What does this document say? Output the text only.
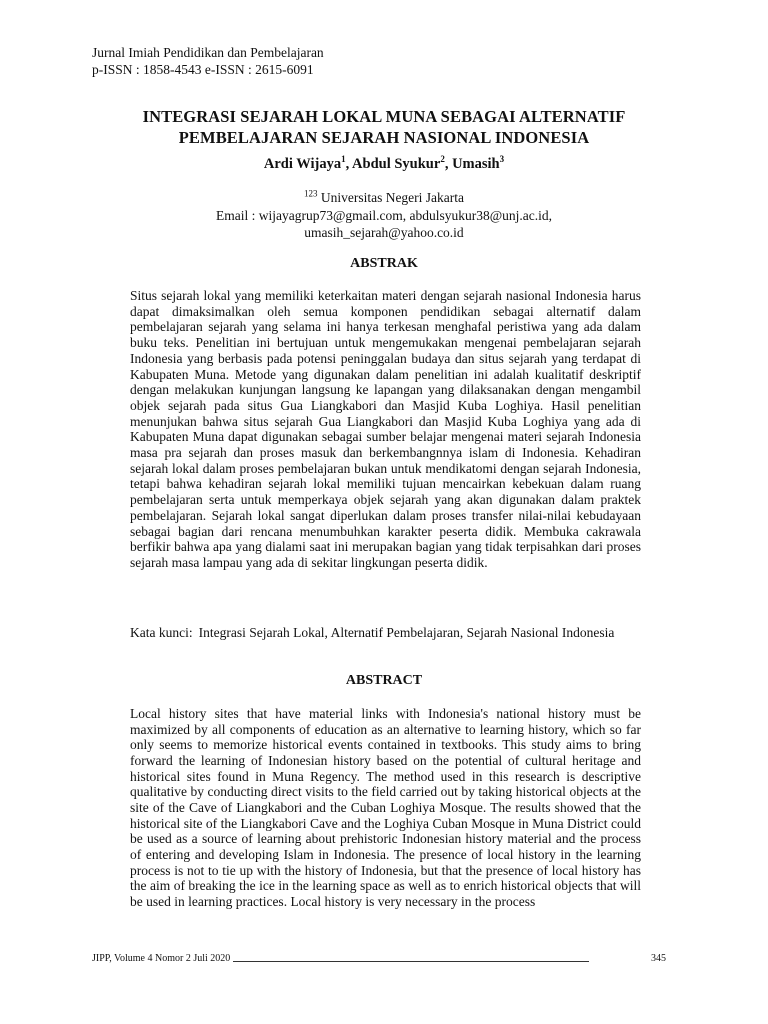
Jurnal Imiah Pendidikan dan Pembelajaran
p-ISSN : 1858-4543 e-ISSN : 2615-6091
INTEGRASI SEJARAH LOKAL MUNA SEBAGAI ALTERNATIF
PEMBELAJARAN SEJARAH NASIONAL INDONESIA
Ardi Wijaya$^1$, Abdul Syukur$^2$, Umasih$^3$
$^{123}$ Universitas Negeri Jakarta
Email : wijayagrup73@gmail.com, abdulsyukur38@unj.ac.id,
umasih_sejarah@yahoo.co.id
ABSTRAK
Situs sejarah lokal yang memiliki keterkaitan materi dengan sejarah nasional Indonesia harus dapat dimaksimalkan oleh semua komponen pendidikan sebagai alternatif dalam pembelajaran sejarah yang selama ini hanya terkesan menghafal peristiwa yang ada dalam buku teks. Penelitian ini bertujuan untuk mengemukakan mengenai pembelajaran sejarah Indonesia yang berbasis pada potensi peninggalan budaya dan situs sejarah yang terdapat di Kabupaten Muna. Metode yang digunakan dalam penelitian ini adalah kualitatif deskriptif dengan melakukan kunjungan langsung ke lapangan yang dilaksanakan dengan mengambil objek sejarah pada situs Gua Liangkabori dan Masjid Kuba Loghiya. Hasil penelitian menunjukan bahwa situs sejarah Gua Liangkabori dan Masjid Kuba Loghiya yang ada di Kabupaten Muna dapat digunakan sebagai sumber belajar mengenai materi sejarah Indonesia masa pra sejarah dan proses masuk dan berkembangnnya islam di Indonesia. Kehadiran sejarah lokal dalam proses pembelajaran bukan untuk mendikatomi dengan sejarah Indonesia, tetapi bahwa kehadiran sejarah lokal memiliki tujuan mencairkan kebekuan dalam ruang pembelajaran serta untuk memperkaya objek sejarah yang akan digunakan dalam praktek pembelajaran. Sejarah lokal sangat diperlukan dalam proses transfer nilai-nilai kebudayaan sebagai bagian dari rencana menumbuhkan karakter peserta didik. Membuka cakrawala berfikir bahwa apa yang dialami saat ini merupakan bagian yang tidak terpisahkan dari proses sejarah masa lampau yang ada di sekitar lingkungan peserta didik.
Kata kunci: Integrasi Sejarah Lokal, Alternatif Pembelajaran, Sejarah Nasional Indonesia
ABSTRACT
Local history sites that have material links with Indonesia's national history must be maximized by all components of education as an alternative to learning history, which so far only seems to memorize historical events contained in textbooks. This study aims to bring forward the learning of Indonesian history based on the potential of cultural heritage and historical sites found in Muna Regency. The method used in this research is descriptive qualitative by conducting direct visits to the field carried out by taking historical objects at the site of the Cave of Liangkabori and the Cuban Loghiya Mosque. The results showed that the historical site of the Liangkabori Cave and the Loghiya Cuban Mosque in Muna District could be used as a source of learning about prehistoric Indonesian history material and the process of entering and developing Islam in Indonesia. The presence of local history in the learning process is not to tie up with the history of Indonesia, but that the presence of local history has the aim of breaking the ice in the learning space as well as to enrich historical objects that will be used in learning practices. Local history is very necessary in the process
JIPP, Volume 4 Nomor 2 Juli 2020	345
